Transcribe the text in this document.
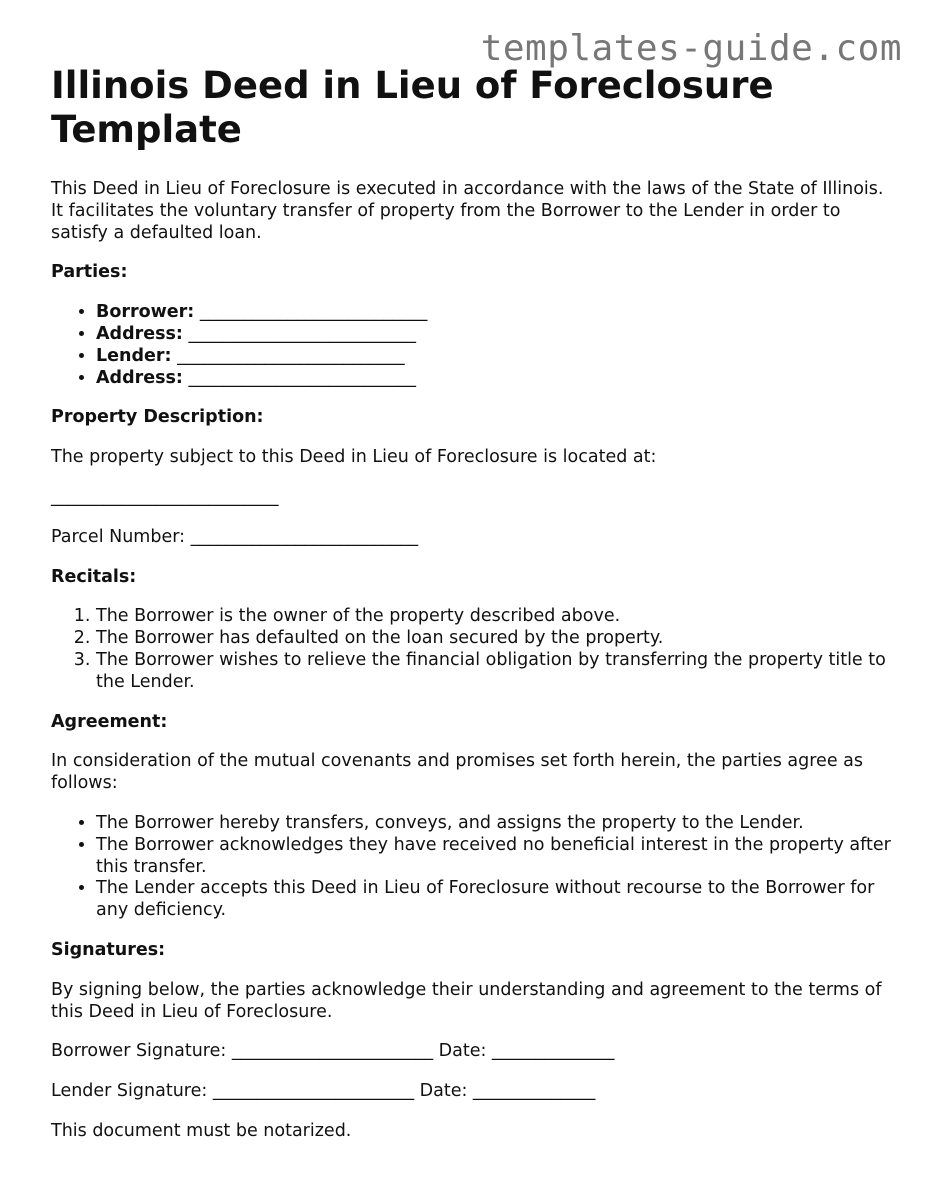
templates-guide.com
Illinois Deed in Lieu of Foreclosure Template

This Deed in Lieu of Foreclosure is executed in accordance with the laws of the State of Illinois. It facilitates the voluntary transfer of property from the Borrower to the Lender in order to satisfy a defaulted loan.

Parties:

• Borrower: __________________________
• Address: __________________________
• Lender: __________________________
• Address: __________________________

Property Description:

The property subject to this Deed in Lieu of Foreclosure is located at:

__________________________

Parcel Number: __________________________

Recitals:

1. The Borrower is the owner of the property described above.
2. The Borrower has defaulted on the loan secured by the property.
3. The Borrower wishes to relieve the financial obligation by transferring the property title to the Lender.

Agreement:

In consideration of the mutual covenants and promises set forth herein, the parties agree as follows:

• The Borrower hereby transfers, conveys, and assigns the property to the Lender.
• The Borrower acknowledges they have received no beneficial interest in the property after this transfer.
• The Lender accepts this Deed in Lieu of Foreclosure without recourse to the Borrower for any deficiency.

Signatures:

By signing below, the parties acknowledge their understanding and agreement to the terms of this Deed in Lieu of Foreclosure.

Borrower Signature: _______________________ Date: ______________

Lender Signature: _______________________ Date: ______________

This document must be notarized.
